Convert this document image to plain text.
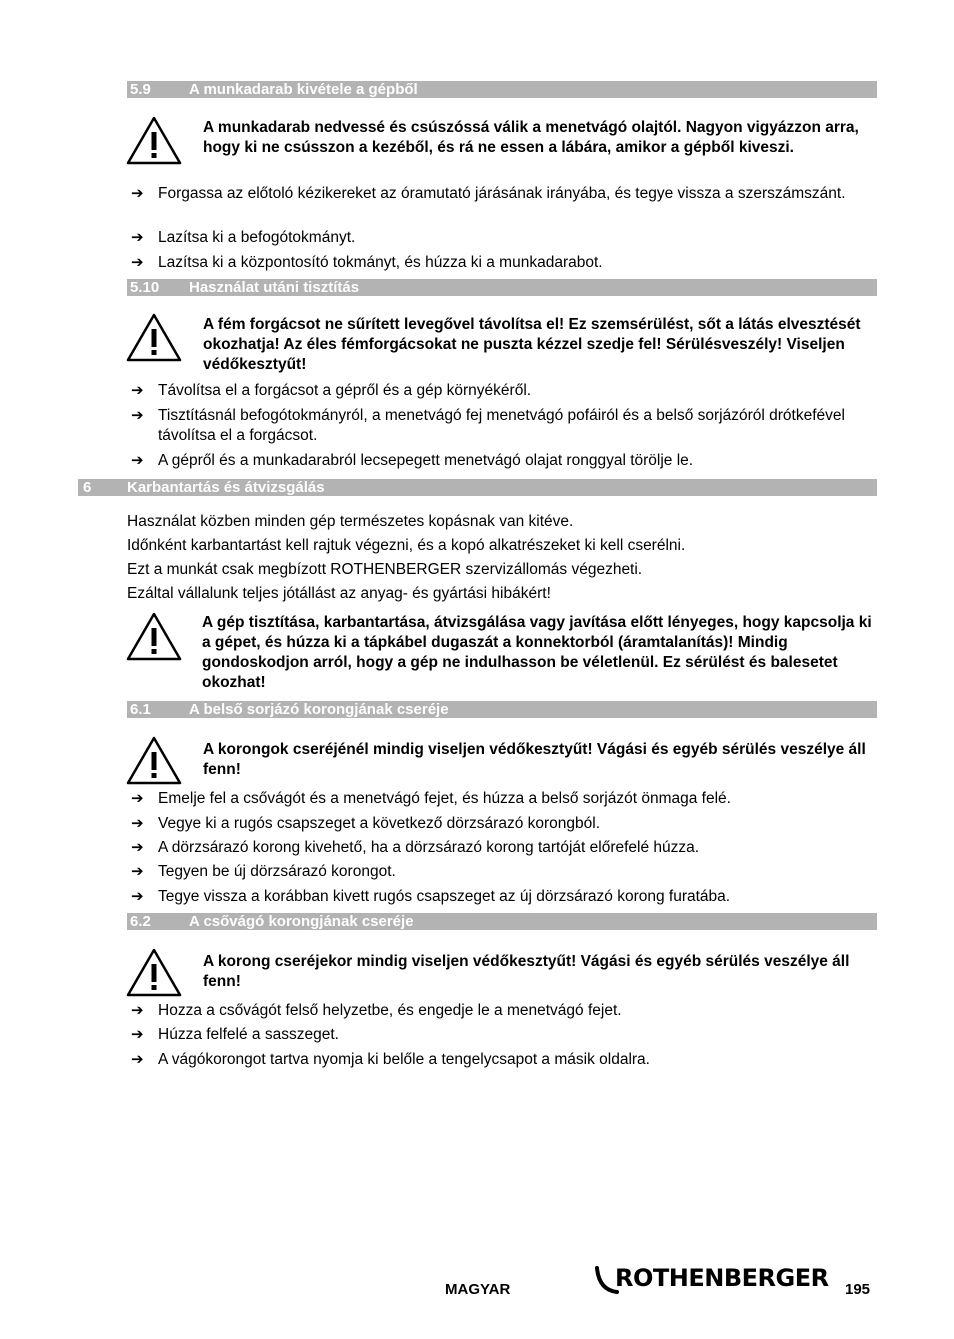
5.9	A munkadarab kivétele a gépből

A munkadarab nedvessé és csúszóssá válik a menetvágó olajtól. Nagyon vigyázzon arra, hogy ki ne csússzon a kezéből, és rá ne essen a lábára, amikor a gépből kiveszi.

➔ Forgassa az előtoló kézikereket az óramutató járásának irányába, és tegye vissza a szerszámszánt.
➔ Lazítsa ki a befogótokmányt.
➔ Lazítsa ki a központosító tokmányt, és húzza ki a munkadarabot.
5.10 Használat utáni tisztítás

A fém forgácsot ne sűrített levegővel távolítsa el! Ez szemsérülést, sőt a látás elvesztését okozhatja! Az éles fémforgácsokat ne puszta kézzel szedje fel! Sérülésveszély! Viseljen védőkesztyűt!

➔ Távolítsa el a forgácsot a gépről és a gép környékéről.
➔ Tisztításnál befogótokmányról, a menetvágó fej menetvágó pofáiról és a belső sorjázóról drótkefével távolítsa el a forgácsot.
➔ A gépről és a munkadarabról lecsepegett menetvágó olajat ronggyal törölje le.
6 Karbantartás és átvizsgálás
Használat közben minden gép természetes kopásnak van kitéve.
Időnként karbantartást kell rajtuk végezni, és a kopó alkatrészeket ki kell cserélni.
Ezt a munkát csak megbízott ROTHENBERGER szervizállomás végezheti.
Ezáltal vállalunk teljes jótállást az anyag- és gyártási hibákért!

A gép tisztítása, karbantartása, átvizsgálása vagy javítása előtt lényeges, hogy kapcsolja ki a gépet, és húzza ki a tápkábel dugaszát a konnektorból (áramtalanítás)! Mindig gondoskodjon arról, hogy a gép ne indulhasson be véletlenül. Ez sérülést és balesetet okozhat!

6.1	A belső sorjázó korongjának cseréje

A korongok cseréjénél mindig viseljen védőkesztyűt! Vágási és egyéb sérülés veszélye áll fenn!

➔ Emelje fel a csővágót és a menetvágó fejet, és húzza a belső sorjázót önmaga felé.
➔ Vegye ki a rugós csapszeget a következő dörzsárazó korongból.
➔ A dörzsárazó korong kivehető, ha a dörzsárazó korong tartóját előrefelé húzza.
➔ Tegyen be új dörzsárazó korongot.
➔ Tegye vissza a korábban kivett rugós csapszeget az új dörzsárazó korong furatába.
6.2	A csővágó korongjának cseréje

A korong cseréjekor mindig viseljen védőkesztyűt! Vágási és egyéb sérülés veszélye áll fenn!

➔ Hozza a csővágót felső helyzetbe, és engedje le a menetvágó fejet.
➔ Húzza felfelé a sasszeget.
➔ A vágókorongot tartva nyomja ki belőle a tengelycsapot a másik oldalra.
MAGYAR	ROTHENBERGER 195
